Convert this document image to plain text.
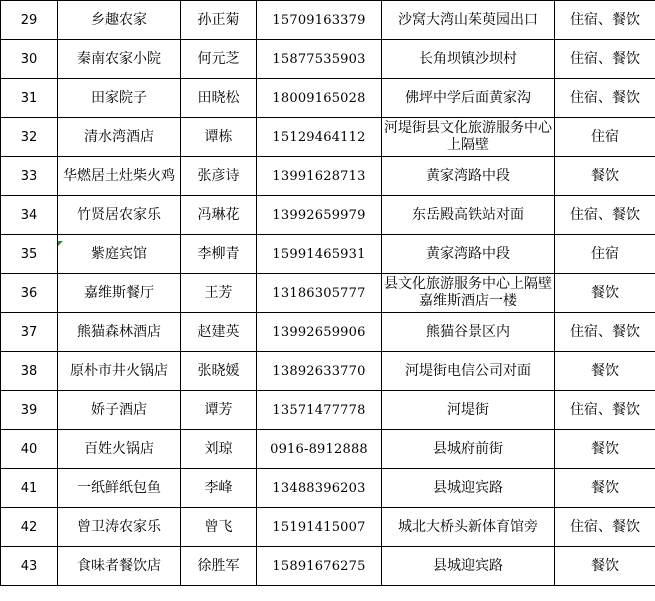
29	乡趣农家	孙正菊	15709163379	沙窝大湾山茱萸园出口	住宿、餐饮
30	秦南农家小院	何元芝	15877535903	长角坝镇沙坝村	住宿、餐饮
31	田家院子	田晓松	18009165028	佛坪中学后面黄家沟	住宿、餐饮
32	清水湾酒店	谭栋	15129464112	河堤街县文化旅游服务中心上隔壁	住宿
33	华燃居土灶柴火鸡	张彦诗	13991628713	黄家湾路中段	餐饮
34	竹贤居农家乐	冯琳花	13992659979	东岳殿高铁站对面	住宿、餐饮
35	紫庭宾馆	李柳青	15991465931	黄家湾路中段	住宿
36	嘉维斯餐厅	王芳	13186305777	县文化旅游服务中心上隔壁嘉维斯酒店一楼	餐饮
37	熊猫森林酒店	赵建英	13992659906	熊猫谷景区内	住宿、餐饮
38	原朴市井火锅店	张晓媛	13892633770	河堤街电信公司对面	餐饮
39	娇子酒店	谭芳	13571477778	河堤街	住宿、餐饮
40	百姓火锅店	刘琼	0916-8912888	县城府前街	餐饮
41	一纸鲜纸包鱼	李峰	13488396203	县城迎宾路	餐饮
42	曾卫涛农家乐	曾飞	15191415007	城北大桥头新体育馆旁	住宿、餐饮
43	食味者餐饮店	徐胜军	15891676275	县城迎宾路	餐饮
